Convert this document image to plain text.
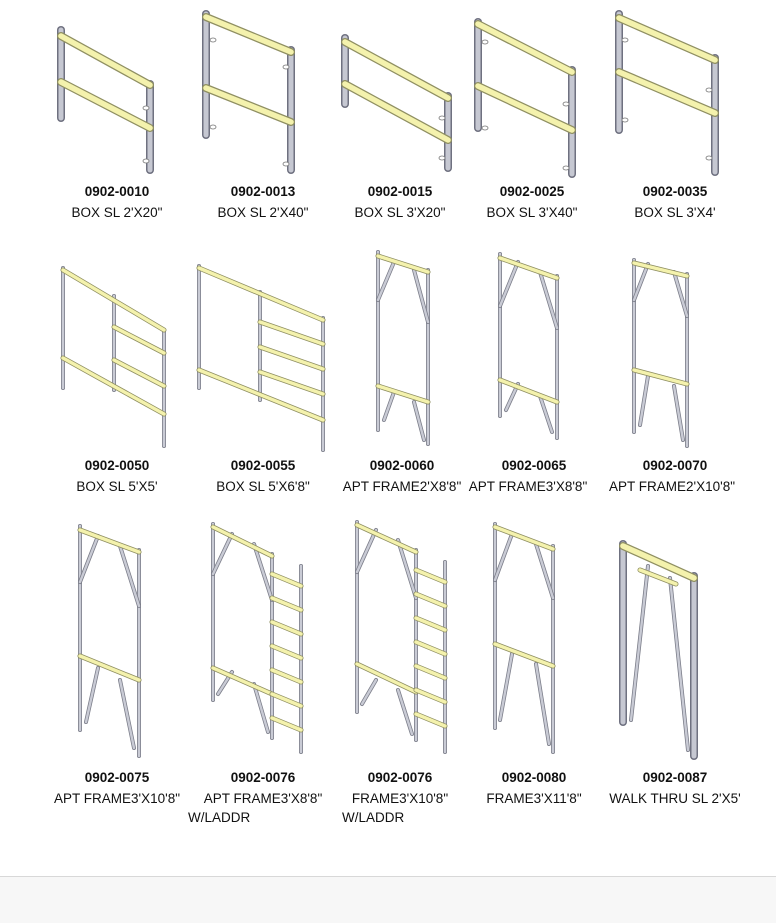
0902-0010
BOX SL 2'X20"
0902-0013
BOX SL 2'X40"
0902-0015
BOX SL 3'X20"
0902-0025
BOX SL 3'X40"
0902-0035
BOX SL 3'X4'
0902-0050
BOX SL 5'X5'
0902-0055
BOX SL 5'X6'8"
0902-0060
APT FRAME2'X8'8"
0902-0065
APT FRAME3'X8'8"
0902-0070
APT FRAME2'X10'8"
0902-0075
APT FRAME3'X10'8"
0902-0076
APT FRAME3'X8'8"
W/LADDR
0902-0076
FRAME3'X10'8"
W/LADDR
0902-0080
FRAME3'X11'8"
0902-0087
WALK THRU SL 2'X5'
